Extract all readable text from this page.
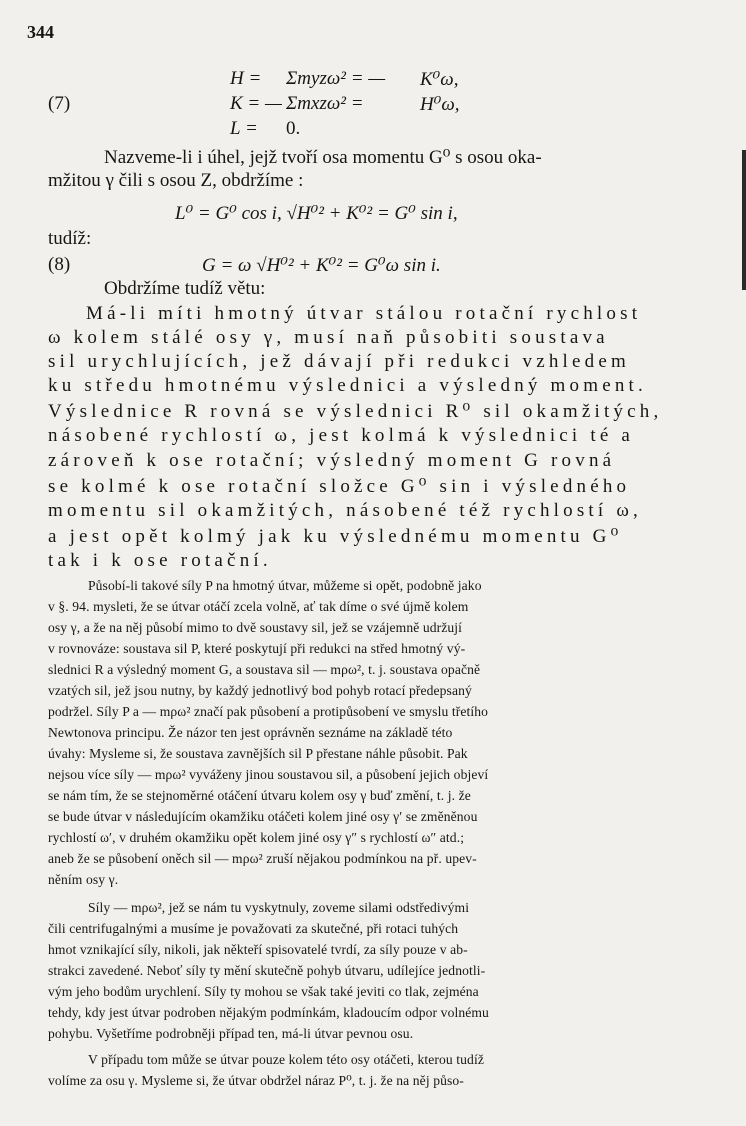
344
H = Σmyzω² = — K⁰ω,
(7)	K = — Σmxzω² =	H⁰ω,
L = 0.
Nazveme-li i úhel, jejž tvoří osa momentu G⁰ s osou oka-
mžitou γ čili s osou Z, obdržíme :
L⁰ = G⁰ cos i, √H⁰² + K⁰² = G⁰ sin i,
tudíž:
(8)	G = ω √H⁰² + K⁰² = G⁰ω sin i.
Obdržíme tudíž větu:
Má-li míti hmotný útvar stálou rotační rychlost
ω kolem stálé osy γ, musí naň působiti soustava
sil urychlujících, jež dávají při redukci vzhledem
ku středu hmotnému výslednici a výsledný moment.
Výslednice R rovná se výslednici R⁰ sil okamžitých,
násobené rychlostí ω, jest kolmá k výslednici té a
zároveň k ose rotační; výsledný moment G rovná
se kolmé k ose rotační složce G⁰ sin i výsledného
momentu sil okamžitých, násobené též rychlostí ω,
a jest opět kolmý jak ku výslednému momentu G⁰
tak i k ose rotační.
Působí-li takové síly P na hmotný útvar, můžeme si opět, podobně jako
v §. 94. mysleti, že se útvar otáčí zcela volně, ať tak díme o své újmě kolem
osy γ, a že na něj působí mimo to dvě soustavy sil, jež se vzájemně udržují
v rovnováze: soustava sil P, které poskytují při redukci na střed hmotný vý-
slednici R a výsledný moment G, a soustava sil — mρω², t. j. soustava opačně
vzatých sil, jež jsou nutny, by každý jednotlivý bod pohyb rotací předepsaný
podržel. Síly P a — mρω² značí pak působení a protipůsobení ve smyslu třetího
Newtonova principu. Že názor ten jest oprávněn seznáme na základě této
úvahy: Mysleme si, že soustava zavnějších sil P přestane náhle působit. Pak
nejsou více síly — mρω² vyváženy jinou soustavou sil, a působení jejich objeví
se nám tím, že se stejnoměrné otáčení útvaru kolem osy γ buď změní, t. j. že
se bude útvar v následujícím okamžiku otáčeti kolem jiné osy γ′ se změněnou
rychlostí ω′, v druhém okamžiku opět kolem jiné osy γ″ s rychlostí ω″ atd.;
aneb že se působení oněch sil — mρω² zruší nějakou podmínkou na př. upev-
něním osy γ.
Síly — mρω², jež se nám tu vyskytnuly, zoveme silami odstředivými
čili centrifugalnými a musíme je považovati za skutečné, při rotaci tuhých
hmot vznikající síly, nikoli, jak někteří spisovatelé tvrdí, za síly pouze v ab-
strakci zavedené. Neboť síly ty mění skutečně pohyb útvaru, udílejíce jednotli-
vým jeho bodům urychlení. Síly ty mohou se však také jeviti co tlak, zejména
tehdy, kdy jest útvar podroben nějakým podmínkám, kladoucím odpor volnému
pohybu. Vyšetříme podrobněji případ ten, má-li útvar pevnou osu.
V případu tom může se útvar pouze kolem této osy otáčeti, kterou tudíž
volíme za osu γ. Mysleme si, že útvar obdržel náraz P⁰, t. j. že na něj půso-
